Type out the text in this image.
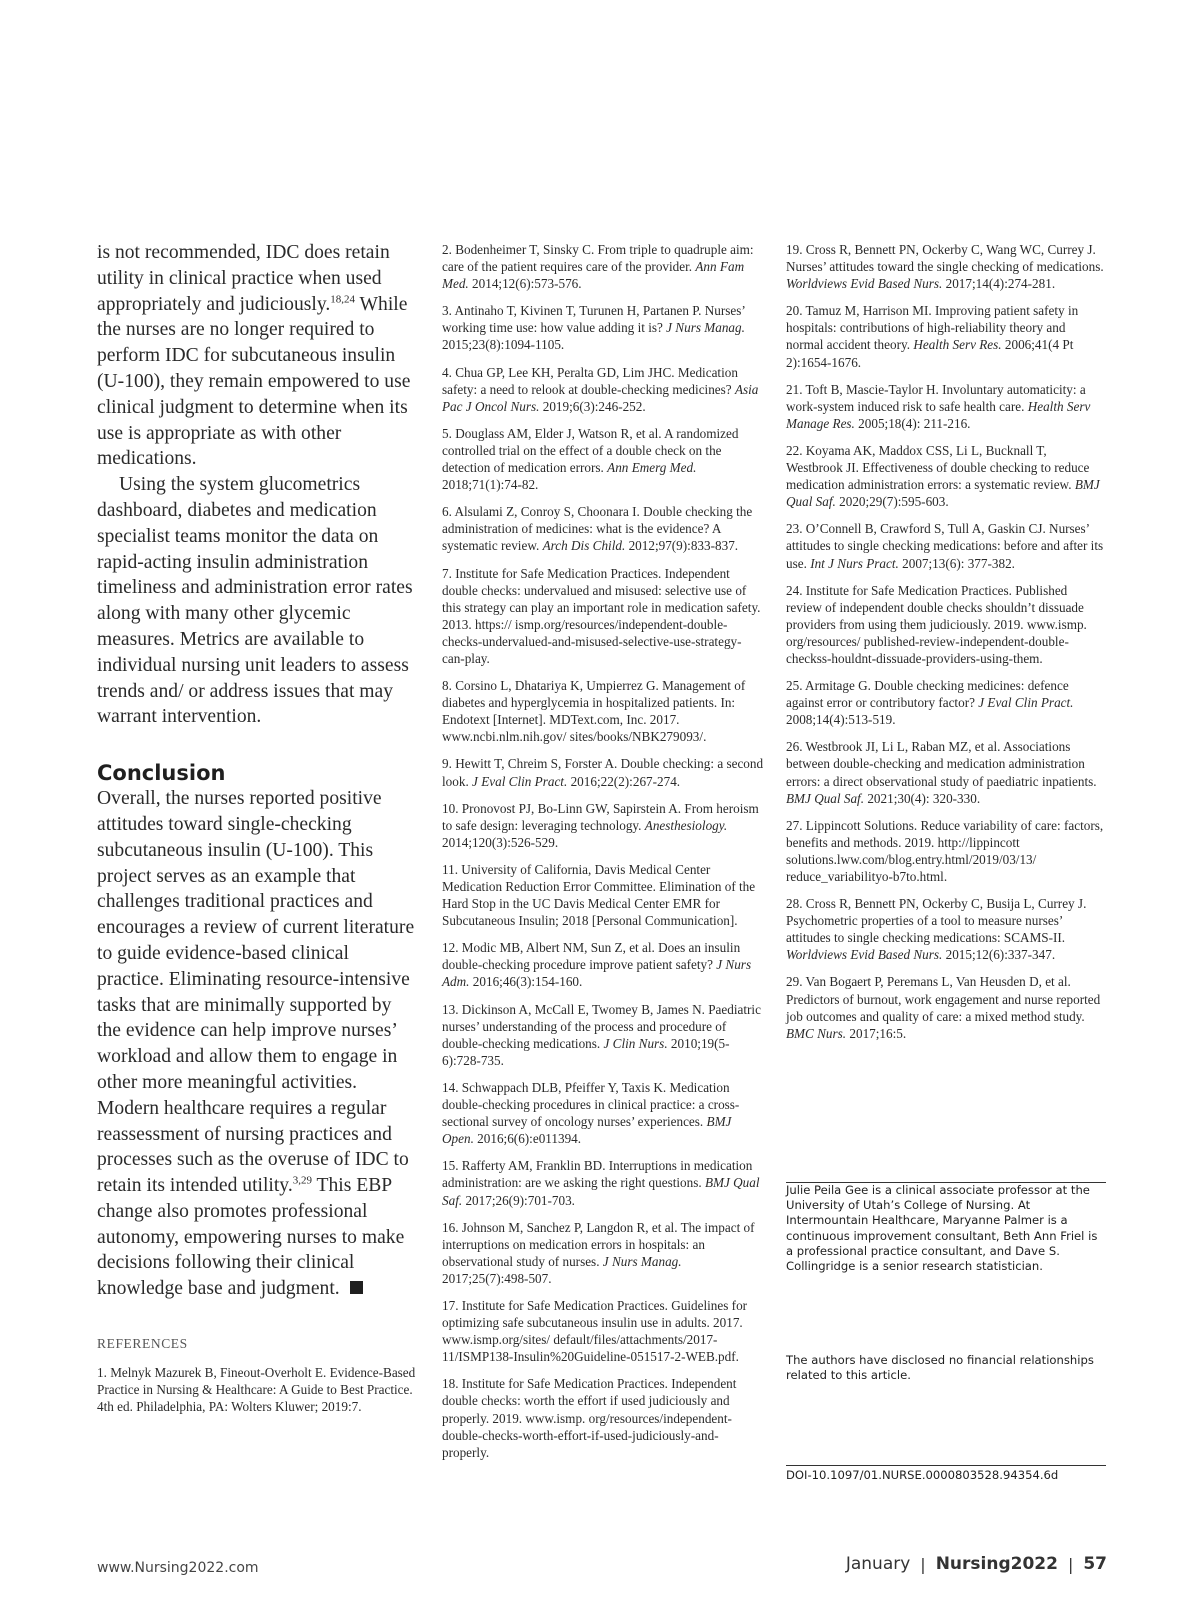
is not recommended, IDC does retain utility in clinical practice when used appropriately and judiciously.$^{18,24}$ While the nurses are no longer required to perform IDC for subcutaneous insulin (U-100), they remain empowered to use clinical judgment to determine when its use is appropriate as with other medications.

Using the system glucometrics dashboard, diabetes and medication specialist teams monitor the data on rapid-acting insulin administration timeliness and administration error rates along with many other glycemic measures. Metrics are available to individual nursing unit leaders to assess trends and/ or address issues that may warrant intervention.

Conclusion

Overall, the nurses reported positive attitudes toward single-checking subcutaneous insulin (U-100). This project serves as an example that challenges traditional practices and encourages a review of current literature to guide evidence-based clinical practice. Eliminating resource-intensive tasks that are minimally supported by the evidence can help improve nurses’ workload and allow them to engage in other more meaningful activities. Modern healthcare requires a regular reassessment of nursing practices and processes such as the overuse of IDC to retain its intended utility.$^{3,29}$ This EBP change also promotes professional autonomy, empowering nurses to make decisions following their clinical knowledge base and judgment.

REFERENCES

1. Melnyk Mazurek B, Fineout-Overholt E. Evidence-Based Practice in Nursing & Healthcare: A Guide to Best Practice. 4th ed. Philadelphia, PA: Wolters Kluwer; 2019:7.

2. Bodenheimer T, Sinsky C. From triple to quadruple aim: care of the patient requires care of the provider. Ann Fam Med. 2014;12(6):573-576.

3. Antinaho T, Kivinen T, Turunen H, Partanen P. Nurses’ working time use: how value adding it is? J Nurs Manag. 2015;23(8):1094-1105.

4. Chua GP, Lee KH, Peralta GD, Lim JHC. Medication safety: a need to relook at double-checking medicines? Asia Pac J Oncol Nurs. 2019;6(3):246-252.

5. Douglass AM, Elder J, Watson R, et al. A randomized controlled trial on the effect of a double check on the detection of medication errors. Ann Emerg Med. 2018;71(1):74-82.

6. Alsulami Z, Conroy S, Choonara I. Double checking the administration of medicines: what is the evidence? A systematic review. Arch Dis Child. 2012;97(9):833-837.

7. Institute for Safe Medication Practices. Independent double checks: undervalued and misused: selective use of this strategy can play an important role in medication safety. 2013. https:// ismp.org/resources/independent-double-checks-undervalued-and-misused-selective-use-strategy-can-play.

8. Corsino L, Dhatariya K, Umpierrez G. Management of diabetes and hyperglycemia in hospitalized patients. In: Endotext [Internet]. MDText.com, Inc. 2017. www.ncbi.nlm.nih.gov/ sites/books/NBK279093/.

9. Hewitt T, Chreim S, Forster A. Double checking: a second look. J Eval Clin Pract. 2016;22(2):267-274.

10. Pronovost PJ, Bo-Linn GW, Sapirstein A. From heroism to safe design: leveraging technology. Anesthesiology. 2014;120(3):526-529.

11. University of California, Davis Medical Center Medication Reduction Error Committee. Elimination of the Hard Stop in the UC Davis Medical Center EMR for Subcutaneous Insulin; 2018 [Personal Communication].

12. Modic MB, Albert NM, Sun Z, et al. Does an insulin double-checking procedure improve patient safety? J Nurs Adm. 2016;46(3):154-160.

13. Dickinson A, McCall E, Twomey B, James N. Paediatric nurses’ understanding of the process and procedure of double-checking medications. J Clin Nurs. 2010;19(5-6):728-735.

14. Schwappach DLB, Pfeiffer Y, Taxis K. Medication double-checking procedures in clinical practice: a cross-sectional survey of oncology nurses’ experiences. BMJ Open. 2016;6(6):e011394.

15. Rafferty AM, Franklin BD. Interruptions in medication administration: are we asking the right questions. BMJ Qual Saf. 2017;26(9):701-703.

16. Johnson M, Sanchez P, Langdon R, et al. The impact of interruptions on medication errors in hospitals: an observational study of nurses. J Nurs Manag. 2017;25(7):498-507.

17. Institute for Safe Medication Practices. Guidelines for optimizing safe subcutaneous insulin use in adults. 2017. www.ismp.org/sites/ default/files/attachments/2017-11/ISMP138-Insulin%20Guideline-051517-2-WEB.pdf.

18. Institute for Safe Medication Practices. Independent double checks: worth the effort if used judiciously and properly. 2019. www.ismp. org/resources/independent-double-checks-worth-effort-if-used-judiciously-and-properly.

19. Cross R, Bennett PN, Ockerby C, Wang WC, Currey J. Nurses’ attitudes toward the single checking of medications. Worldviews Evid Based Nurs. 2017;14(4):274-281.

20. Tamuz M, Harrison MI. Improving patient safety in hospitals: contributions of high-reliability theory and normal accident theory. Health Serv Res. 2006;41(4 Pt 2):1654-1676.

21. Toft B, Mascie-Taylor H. Involuntary automaticity: a work-system induced risk to safe health care. Health Serv Manage Res. 2005;18(4): 211-216.

22. Koyama AK, Maddox CSS, Li L, Bucknall T, Westbrook JI. Effectiveness of double checking to reduce medication administration errors: a systematic review. BMJ Qual Saf. 2020;29(7):595-603.

23. O’Connell B, Crawford S, Tull A, Gaskin CJ. Nurses’ attitudes to single checking medications: before and after its use. Int J Nurs Pract. 2007;13(6): 377-382.

24. Institute for Safe Medication Practices. Published review of independent double checks shouldn’t dissuade providers from using them judiciously. 2019. www.ismp. org/resources/ published-review-independent-double-checkss-houldnt-dissuade-providers-using-them.

25. Armitage G. Double checking medicines: defence against error or contributory factor? J Eval Clin Pract. 2008;14(4):513-519.

26. Westbrook JI, Li L, Raban MZ, et al. Associations between double-checking and medication administration errors: a direct observational study of paediatric inpatients. BMJ Qual Saf. 2021;30(4): 320-330.

27. Lippincott Solutions. Reduce variability of care: factors, benefits and methods. 2019. http://lippincott solutions.lww.com/blog.entry.html/2019/03/13/ reduce_variabilityo-b7to.html.

28. Cross R, Bennett PN, Ockerby C, Busija L, Currey J. Psychometric properties of a tool to measure nurses’ attitudes to single checking medications: SCAMS-II. Worldviews Evid Based Nurs. 2015;12(6):337-347.

29. Van Bogaert P, Peremans L, Van Heusden D, et al. Predictors of burnout, work engagement and nurse reported job outcomes and quality of care: a mixed method study. BMC Nurs. 2017;16:5.

Julie Peila Gee is a clinical associate professor at the University of Utah’s College of Nursing. At Intermountain Healthcare, Maryanne Palmer is a continuous improvement consultant, Beth Ann Friel is a professional practice consultant, and Dave S. Collingridge is a senior research statistician.

The authors have disclosed no financial relationships related to this article.

DOI-10.1097/01.NURSE.0000803528.94354.6d

www.Nursing2022.com	January | Nursing2022 | 57
